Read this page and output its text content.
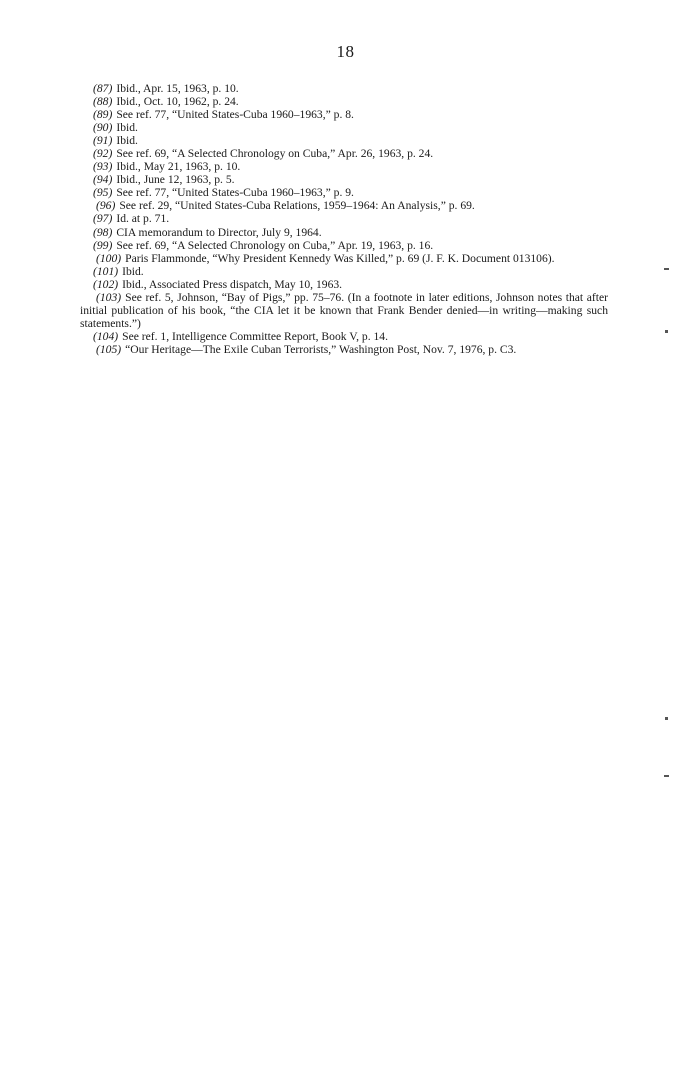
18

(87) Ibid., Apr. 15, 1963, p. 10.

(88) Ibid., Oct. 10, 1962, p. 24.

(89) See ref. 77, “United States-Cuba 1960–1963,” p. 8.

(90) Ibid.

(91) Ibid.

(92) See ref. 69, “A Selected Chronology on Cuba,” Apr. 26, 1963, p. 24.

(93) Ibid., May 21, 1963, p. 10.

(94) Ibid., June 12, 1963, p. 5.

(95) See ref. 77, “United States-Cuba 1960–1963,” p. 9.

(96) See ref. 29, “United States-Cuba Relations, 1959–1964: An Analysis,” p. 69.

(97) Id. at p. 71.

(98) CIA memorandum to Director, July 9, 1964.

(99) See ref. 69, “A Selected Chronology on Cuba,” Apr. 19, 1963, p. 16.

(100) Paris Flammonde, “Why President Kennedy Was Killed,” p. 69 (J. F. K. Document 013106).

(101) Ibid.

(102) Ibid., Associated Press dispatch, May 10, 1963.

(103) See ref. 5, Johnson, “Bay of Pigs,” pp. 75–76. (In a footnote in later editions, Johnson notes that after initial publication of his book, “the CIA let it be known that Frank Bender denied—in writing—making such statements.”)

(104) See ref. 1, Intelligence Committee Report, Book V, p. 14.

(105) “Our Heritage—The Exile Cuban Terrorists,” Washington Post, Nov. 7, 1976, p. C3.
